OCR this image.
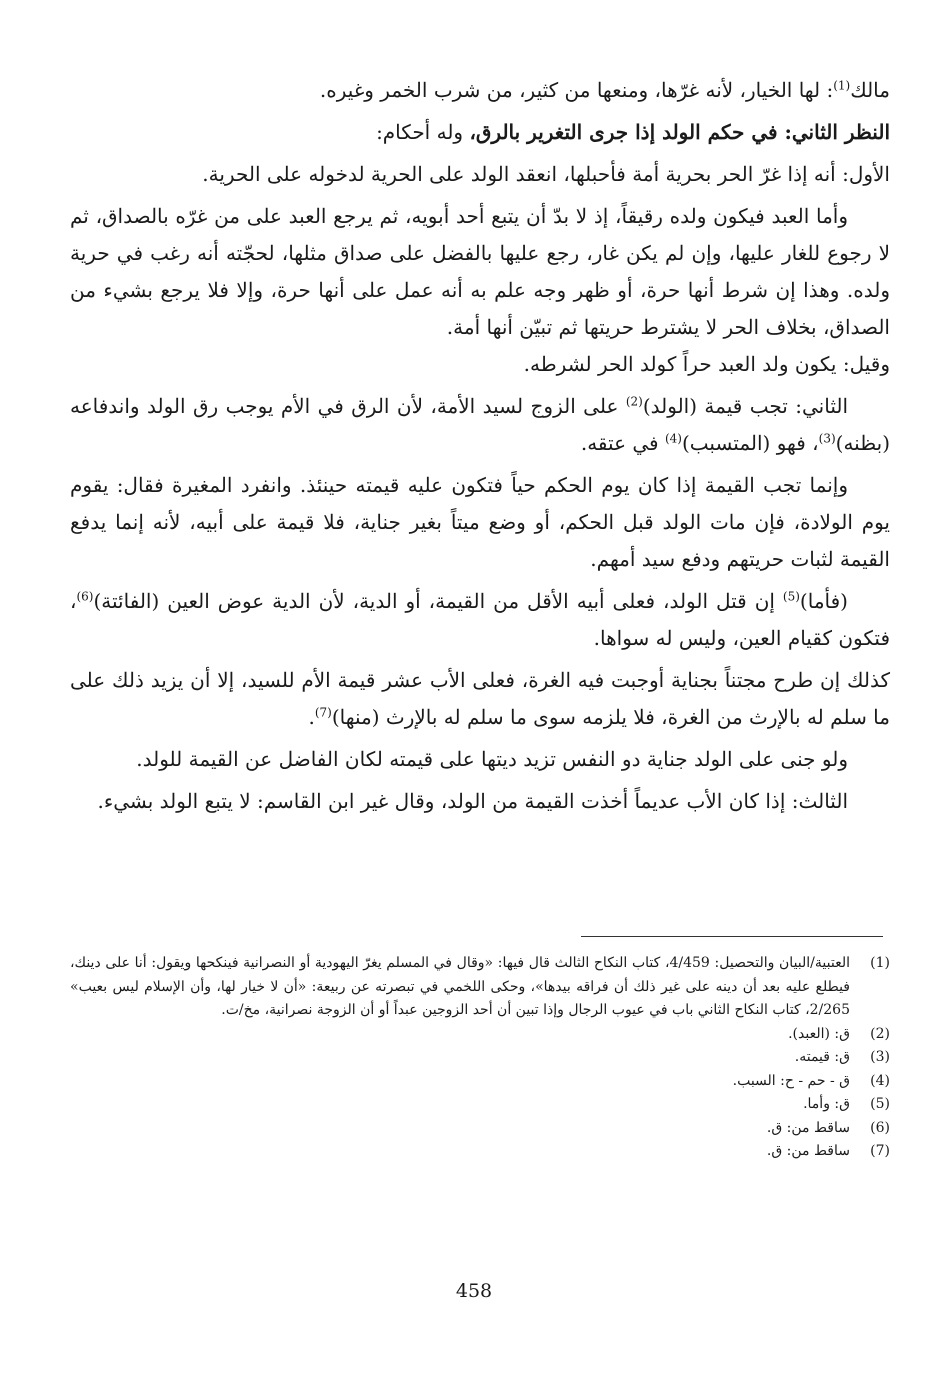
مالك$^{(1)}$: لها الخيار، لأنه غرّها، ومنعها من كثير، من شرب الخمر وغيره.

النظر الثاني: في حكم الولد إذا جرى التغرير بالرق، وله أحكام:

الأول: أنه إذا غرّ الحر بحرية أمة فأحبلها، انعقد الولد على الحرية لدخوله على الحرية.

وأما العبد فيكون ولده رقيقاً، إذ لا بدّ أن يتبع أحد أبويه، ثم يرجع العبد على من غرّه بالصداق، ثم لا رجوع للغار عليها، وإن لم يكن غار، رجع عليها بالفضل على صداق مثلها، لحجّته أنه رغب في حرية ولده. وهذا إن شرط أنها حرة، أو ظهر وجه علم به أنه عمل على أنها حرة، وإلا فلا يرجع بشيء من الصداق، بخلاف الحر لا يشترط حريتها ثم تبيّن أنها أمة.

وقيل: يكون ولد العبد حراً كولد الحر لشرطه.

الثاني: تجب قيمة (الولد)$^{(2)}$ على الزوج لسيد الأمة، لأن الرق في الأم يوجب رق الولد واندفاعه (بظنه)$^{(3)}$، فهو (المتسبب)$^{(4)}$ في عتقه.

وإنما تجب القيمة إذا كان يوم الحكم حياً فتكون عليه قيمته حينئذ. وانفرد المغيرة فقال: يقوم يوم الولادة، فإن مات الولد قبل الحكم، أو وضع ميتاً بغير جناية، فلا قيمة على أبيه، لأنه إنما يدفع القيمة لثبات حريتهم ودفع سيد أمهم.

(فأما)$^{(5)}$ إن قتل الولد، فعلى أبيه الأقل من القيمة، أو الدية، لأن الدية عوض العين (الفائتة)$^{(6)}$، فتكون كقيام العين، وليس له سواها.

كذلك إن طرح مجتناً بجناية أوجبت فيه الغرة، فعلى الأب عشر قيمة الأم للسيد، إلا أن يزيد ذلك على ما سلم له بالإرث من الغرة، فلا يلزمه سوى ما سلم له بالإرث (منها)$^{(7)}$.

ولو جنى على الولد جناية دو النفس تزيد ديتها على قيمته لكان الفاضل عن القيمة للولد.

الثالث: إذا كان الأب عديماً أخذت القيمة من الولد، وقال غير ابن القاسم: لا يتبع الولد بشيء.

(1)
العتبية/البيان والتحصيل: 4/459، كتاب النكاح الثالث قال فيها: «وقال في المسلم يغرّ اليهودية أو النصرانية فينكحها ويقول: أنا على دينك، فيطلع عليه بعد أن دينه على غير ذلك أن فراقه بيدها»، وحكى اللخمي في تبصرته عن ربيعة: «أن لا خيار لها، وأن الإسلام ليس بعيب» 2/265، كتاب النكاح الثاني باب في عيوب الرجال وإذا تبين أن أحد الزوجين عبداً أو أن الزوجة نصرانية، مخ/ت.
(2)
ق: (العبد).
(3)
ق: قيمته.
(4)
ق - حم - ح: السبب.
(5)
ق: وأما.
(6)
ساقط من: ق.
(7)
ساقط من: ق.
458
